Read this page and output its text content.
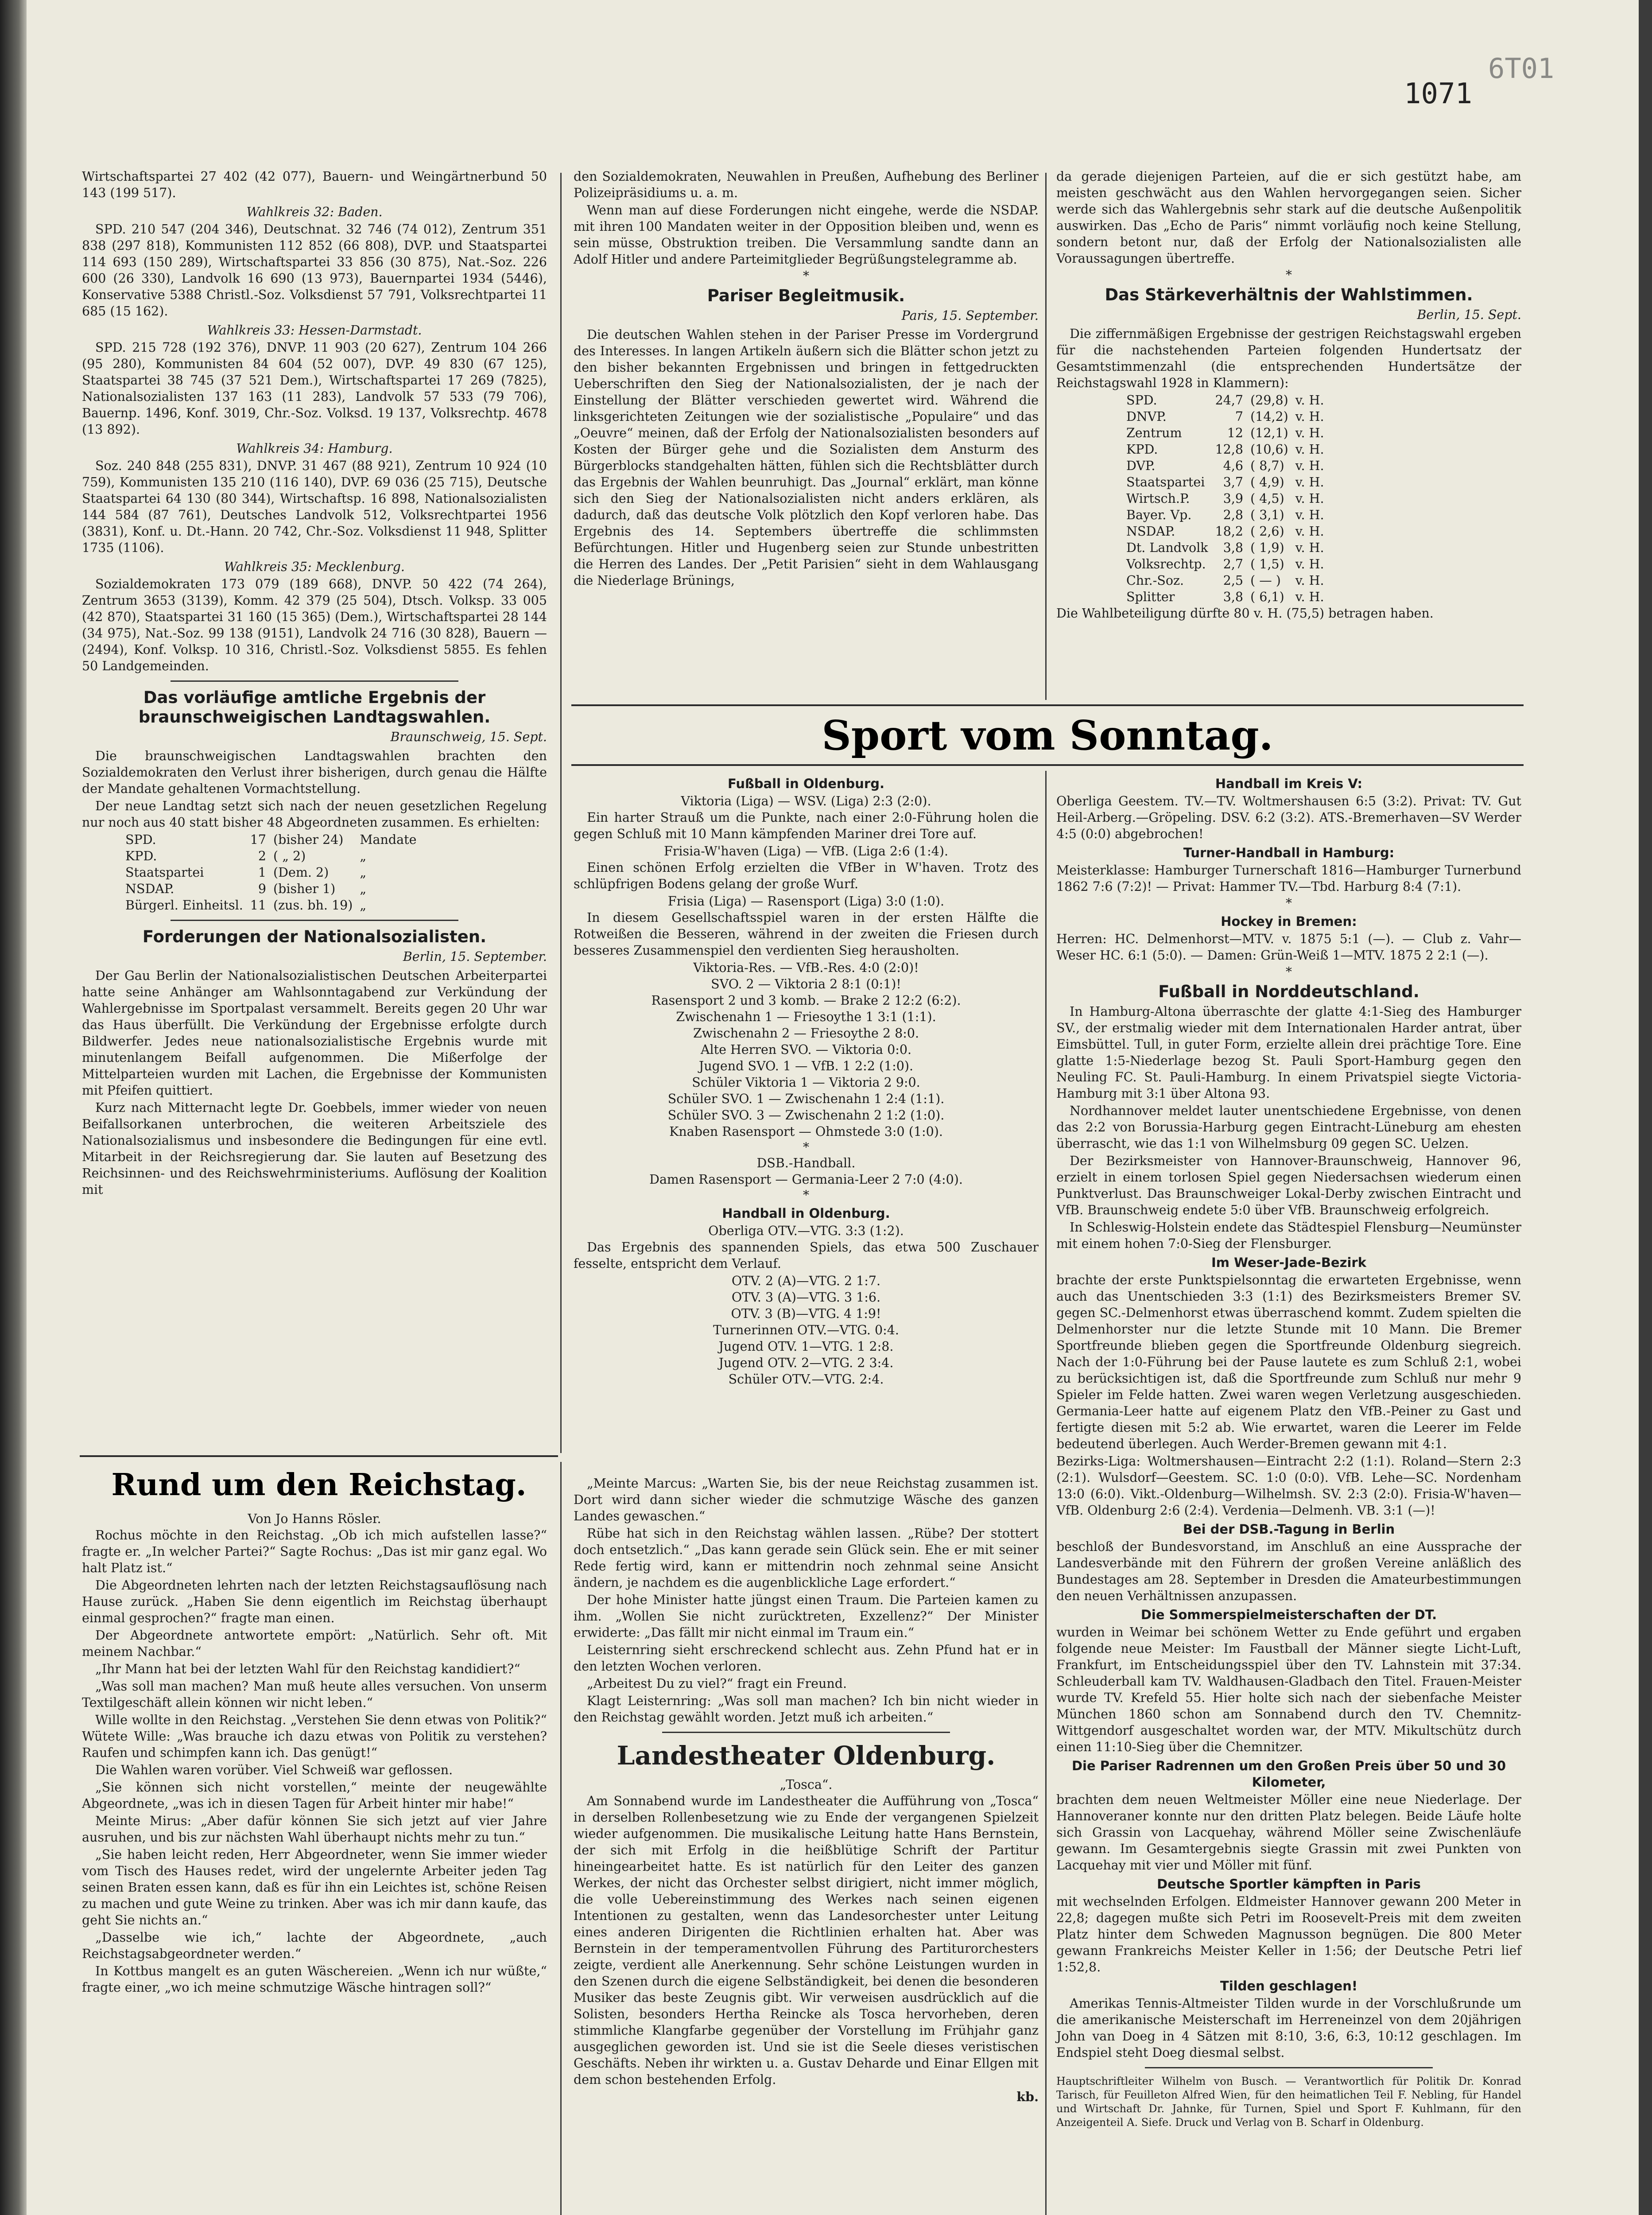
6T01
1071

Wirtschaftspartei 27 402 (42 077), Bauern- und Weingärtnerbund 50 143 (199 517).

Wahlkreis 32: Baden.

SPD. 210 547 (204 346), Deutschnat. 32 746 (74 012), Zentrum 351 838 (297 818), Kommunisten 112 852 (66 808), DVP. und Staatspartei 114 693 (150 289), Wirtschaftspartei 33 856 (30 875), Nat.-Soz. 226 600 (26 330), Landvolk 16 690 (13 973), Bauernpartei 1934 (5446), Konservative 5388 Christl.-Soz. Volksdienst 57 791, Volksrechtpartei 11 685 (15 162).

Wahlkreis 33: Hessen-Darmstadt.

SPD. 215 728 (192 376), DNVP. 11 903 (20 627), Zentrum 104 266 (95 280), Kommunisten 84 604 (52 007), DVP. 49 830 (67 125), Staatspartei 38 745 (37 521 Dem.), Wirtschaftspartei 17 269 (7825), Nationalsozialisten 137 163 (11 283), Landvolk 57 533 (79 706), Bauernp. 1496, Konf. 3019, Chr.-Soz. Volksd. 19 137, Volksrechtp. 4678 (13 892).

Wahlkreis 34: Hamburg.

Soz. 240 848 (255 831), DNVP. 31 467 (88 921), Zentrum 10 924 (10 759), Kommunisten 135 210 (116 140), DVP. 69 036 (25 715), Deutsche Staatspartei 64 130 (80 344), Wirtschaftsp. 16 898, Nationalsozialisten 144 584 (87 761), Deutsches Landvolk 512, Volksrechtpartei 1956 (3831), Konf. u. Dt.-Hann. 20 742, Chr.-Soz. Volksdienst 11 948, Splitter 1735 (1106).

Wahlkreis 35: Mecklenburg.

Sozialdemokraten 173 079 (189 668), DNVP. 50 422 (74 264), Zentrum 3653 (3139), Komm. 42 379 (25 504), Dtsch. Volksp. 33 005 (42 870), Staatspartei 31 160 (15 365) (Dem.), Wirtschaftspartei 28 144 (34 975), Nat.-Soz. 99 138 (9151), Landvolk 24 716 (30 828), Bauern — (2494), Konf. Volksp. 10 316, Christl.-Soz. Volksdienst 5855. Es fehlen 50 Landgemeinden.

Das vorläufige amtliche Ergebnis der braunschweigischen Landtagswahlen.
Braunschweig, 15. Sept.

Die braunschweigischen Landtagswahlen brachten den Sozialdemokraten den Verlust ihrer bisherigen, durch genau die Hälfte der Mandate gehaltenen Vormachtstellung.

Der neue Landtag setzt sich nach der neuen gesetzlichen Regelung nur noch aus 40 statt bisher 48 Abgeordneten zusammen. Es erhielten:

SPD.	17	(bisher 24)	Mandate
KPD.	2	( „ 2)	„
Staatspartei	1	(Dem. 2)	„
NSDAP.	9	(bisher 1)	„
Bürgerl. Einheitsl.	11	(zus. bh. 19)	„
Forderungen der Nationalsozialisten.
Berlin, 15. September.

Der Gau Berlin der Nationalsozialistischen Deutschen Arbeiterpartei hatte seine Anhänger am Wahlsonntagabend zur Verkündung der Wahlergebnisse im Sportpalast versammelt. Bereits gegen 20 Uhr war das Haus überfüllt. Die Verkündung der Ergebnisse erfolgte durch Bildwerfer. Jedes neue nationalsozialistische Ergebnis wurde mit minutenlangem Beifall aufgenommen. Die Mißerfolge der Mittelparteien wurden mit Lachen, die Ergebnisse der Kommunisten mit Pfeifen quittiert.

Kurz nach Mitternacht legte Dr. Goebbels, immer wieder von neuen Beifallsorkanen unterbrochen, die weiteren Arbeitsziele des Nationalsozialismus und insbesondere die Bedingungen für eine evtl. Mitarbeit in der Reichsregierung dar. Sie lauten auf Besetzung des Reichsinnen- und des Reichswehrministeriums. Auflösung der Koalition mit

den Sozialdemokraten, Neuwahlen in Preußen, Aufhebung des Berliner Polizeipräsidiums u. a. m.

Wenn man auf diese Forderungen nicht eingehe, werde die NSDAP. mit ihren 100 Mandaten weiter in der Opposition bleiben und, wenn es sein müsse, Obstruktion treiben. Die Versammlung sandte dann an Adolf Hitler und andere Parteimitglieder Begrüßungstelegramme ab.

*
Pariser Begleitmusik.
Paris, 15. September.

Die deutschen Wahlen stehen in der Pariser Presse im Vordergrund des Interesses. In langen Artikeln äußern sich die Blätter schon jetzt zu den bisher bekannten Ergebnissen und bringen in fettgedruckten Ueberschriften den Sieg der Nationalsozialisten, der je nach der Einstellung der Blätter verschieden gewertet wird. Während die linksgerichteten Zeitungen wie der sozialistische „Populaire“ und das „Oeuvre“ meinen, daß der Erfolg der Nationalsozialisten besonders auf Kosten der Bürger gehe und die Sozialisten dem Ansturm des Bürgerblocks standgehalten hätten, fühlen sich die Rechtsblätter durch das Ergebnis der Wahlen beunruhigt. Das „Journal“ erklärt, man könne sich den Sieg der Nationalsozialisten nicht anders erklären, als dadurch, daß das deutsche Volk plötzlich den Kopf verloren habe. Das Ergebnis des 14. Septembers übertreffe die schlimmsten Befürchtungen. Hitler und Hugenberg seien zur Stunde unbestritten die Herren des Landes. Der „Petit Parisien“ sieht in dem Wahlausgang die Niederlage Brünings,

da gerade diejenigen Parteien, auf die er sich gestützt habe, am meisten geschwächt aus den Wahlen hervorgegangen seien. Sicher werde sich das Wahlergebnis sehr stark auf die deutsche Außenpolitik auswirken. Das „Echo de Paris“ nimmt vorläufig noch keine Stellung, sondern betont nur, daß der Erfolg der Nationalsozialisten alle Voraussagungen übertreffe.

*
Das Stärkeverhältnis der Wahlstimmen.
Berlin, 15. Sept.

Die ziffernmäßigen Ergebnisse der gestrigen Reichstagswahl ergeben für die nachstehenden Parteien folgenden Hundertsatz der Gesamtstimmenzahl (die entsprechenden Hundertsätze der Reichstagswahl 1928 in Klammern):

SPD.	24,7	(29,8)	v. H.
DNVP.	7	(14,2)	v. H.
Zentrum	12	(12,1)	v. H.
KPD.	12,8	(10,6)	v. H.
DVP.	4,6	( 8,7)	v. H.
Staatspartei	3,7	( 4,9)	v. H.
Wirtsch.P.	3,9	( 4,5)	v. H.
Bayer. Vp.	2,8	( 3,1)	v. H.
NSDAP.	18,2	( 2,6)	v. H.
Dt. Landvolk	3,8	( 1,9)	v. H.
Volksrechtp.	2,7	( 1,5)	v. H.
Chr.-Soz.	2,5	( — )	v. H.
Splitter	3,8	( 6,1)	v. H.

Die Wahlbeteiligung dürfte 80 v. H. (75,5) betragen haben.

Sport vom Sonntag.
Fußball in Oldenburg.
Viktoria (Liga) — WSV. (Liga) 2:3 (2:0).

Ein harter Strauß um die Punkte, nach einer 2:0-Führung holen die gegen Schluß mit 10 Mann kämpfenden Mariner drei Tore auf.

Frisia-W'haven (Liga) — VfB. (Liga 2:6 (1:4).

Einen schönen Erfolg erzielten die VfBer in W'haven. Trotz des schlüpfrigen Bodens gelang der große Wurf.

Frisia (Liga) — Rasensport (Liga) 3:0 (1:0).

In diesem Gesellschaftsspiel waren in der ersten Hälfte die Rotweißen die Besseren, während in der zweiten die Friesen durch besseres Zusammenspiel den verdienten Sieg herausholten.

Viktoria-Res. — VfB.-Res. 4:0 (2:0)!
SVO. 2 — Viktoria 2 8:1 (0:1)!
Rasensport 2 und 3 komb. — Brake 2 12:2 (6:2).
Zwischenahn 1 — Friesoythe 1 3:1 (1:1).
Zwischenahn 2 — Friesoythe 2 8:0.
Alte Herren SVO. — Viktoria 0:0.
Jugend SVO. 1 — VfB. 1 2:2 (1:0).
Schüler Viktoria 1 — Viktoria 2 9:0.
Schüler SVO. 1 — Zwischenahn 1 2:4 (1:1).
Schüler SVO. 3 — Zwischenahn 2 1:2 (1:0).
Knaben Rasensport — Ohmstede 3:0 (1:0).
*
DSB.-Handball.
Damen Rasensport — Germania-Leer 2 7:0 (4:0).
*
Handball in Oldenburg.
Oberliga OTV.—VTG. 3:3 (1:2).

Das Ergebnis des spannenden Spiels, das etwa 500 Zuschauer fesselte, entspricht dem Verlauf.

OTV. 2 (A)—VTG. 2 1:7.
OTV. 3 (A)—VTG. 3 1:6.
OTV. 3 (B)—VTG. 4 1:9!
Turnerinnen OTV.—VTG. 0:4.
Jugend OTV. 1—VTG. 1 2:8.
Jugend OTV. 2—VTG. 2 3:4.
Schüler OTV.—VTG. 2:4.
Handball im Kreis V:

Oberliga Geestem. TV.—TV. Woltmershausen 6:5 (3:2). Privat: TV. Gut Heil-Arberg.—Gröpeling. DSV. 6:2 (3:2). ATS.-Bremerhaven—SV Werder 4:5 (0:0) abgebrochen!

Turner-Handball in Hamburg:

Meisterklasse: Hamburger Turnerschaft 1816—Hamburger Turnerbund 1862 7:6 (7:2)! — Privat: Hammer TV.—Tbd. Harburg 8:4 (7:1).

*
Hockey in Bremen:

Herren: HC. Delmenhorst—MTV. v. 1875 5:1 (—). — Club z. Vahr—Weser HC. 6:1 (5:0). — Damen: Grün-Weiß 1—MTV. 1875 2 2:1 (—).

*
Fußball in Norddeutschland.

In Hamburg-Altona überraschte der glatte 4:1-Sieg des Hamburger SV., der erstmalig wieder mit dem Internationalen Harder antrat, über Eimsbüttel. Tull, in guter Form, erzielte allein drei prächtige Tore. Eine glatte 1:5-Niederlage bezog St. Pauli Sport-Hamburg gegen den Neuling FC. St. Pauli-Hamburg. In einem Privatspiel siegte Victoria-Hamburg mit 3:1 über Altona 93.

Nordhannover meldet lauter unentschiedene Ergebnisse, von denen das 2:2 von Borussia-Harburg gegen Eintracht-Lüneburg am ehesten überrascht, wie das 1:1 von Wilhelmsburg 09 gegen SC. Uelzen.

Der Bezirksmeister von Hannover-Braunschweig, Hannover 96, erzielt in einem torlosen Spiel gegen Niedersachsen wiederum einen Punktverlust. Das Braunschweiger Lokal-Derby zwischen Eintracht und VfB. Braunschweig endete 5:0 über VfB. Braunschweig erfolgreich.

In Schleswig-Holstein endete das Städtespiel Flensburg—Neumünster mit einem hohen 7:0-Sieg der Flensburger.

Im Weser-Jade-Bezirk

brachte der erste Punktspielsonntag die erwarteten Ergebnisse, wenn auch das Unentschieden 3:3 (1:1) des Bezirksmeisters Bremer SV. gegen SC.-Delmenhorst etwas überraschend kommt. Zudem spielten die Delmenhorster nur die letzte Stunde mit 10 Mann. Die Bremer Sportfreunde blieben gegen die Sportfreunde Oldenburg siegreich. Nach der 1:0-Führung bei der Pause lautete es zum Schluß 2:1, wobei zu berücksichtigen ist, daß die Sportfreunde zum Schluß nur mehr 9 Spieler im Felde hatten. Zwei waren wegen Verletzung ausgeschieden. Germania-Leer hatte auf eigenem Platz den VfB.-Peiner zu Gast und fertigte diesen mit 5:2 ab. Wie erwartet, waren die Leerer im Felde bedeutend überlegen. Auch Werder-Bremen gewann mit 4:1.

Bezirks-Liga: Woltmershausen—Eintracht 2:2 (1:1). Roland—Stern 2:3 (2:1). Wulsdorf—Geestem. SC. 1:0 (0:0). VfB. Lehe—SC. Nordenham 13:0 (6:0). Vikt.-Oldenburg—Wilhelmsh. SV. 2:3 (2:0). Frisia-W'haven—VfB. Oldenburg 2:6 (2:4). Verdenia—Delmenh. VB. 3:1 (—)!

Bei der DSB.-Tagung in Berlin

beschloß der Bundesvorstand, im Anschluß an eine Aussprache der Landesverbände mit den Führern der großen Vereine anläßlich des Bundestages am 28. September in Dresden die Amateurbestimmungen den neuen Verhältnissen anzupassen.

Die Sommerspielmeisterschaften der DT.

wurden in Weimar bei schönem Wetter zu Ende geführt und ergaben folgende neue Meister: Im Faustball der Männer siegte Licht-Luft, Frankfurt, im Entscheidungsspiel über den TV. Lahnstein mit 37:34. Schleuderball kam TV. Waldhausen-Gladbach den Titel. Frauen-Meister wurde TV. Krefeld 55. Hier holte sich nach der siebenfache Meister München 1860 schon am Sonnabend durch den TV. Chemnitz-Wittgendorf ausgeschaltet worden war, der MTV. Mikultschütz durch einen 11:10-Sieg über die Chemnitzer.

Die Pariser Radrennen um den Großen Preis über 50 und 30 Kilometer,

brachten dem neuen Weltmeister Möller eine neue Niederlage. Der Hannoveraner konnte nur den dritten Platz belegen. Beide Läufe holte sich Grassin von Lacquehay, während Möller seine Zwischenläufe gewann. Im Gesamtergebnis siegte Grassin mit zwei Punkten von Lacquehay mit vier und Möller mit fünf.

Deutsche Sportler kämpften in Paris

mit wechselnden Erfolgen. Eldmeister Hannover gewann 200 Meter in 22,8; dagegen mußte sich Petri im Roosevelt-Preis mit dem zweiten Platz hinter dem Schweden Magnusson begnügen. Die 800 Meter gewann Frankreichs Meister Keller in 1:56; der Deutsche Petri lief 1:52,8.

Tilden geschlagen!

Amerikas Tennis-Altmeister Tilden wurde in der Vorschlußrunde um die amerikanische Meisterschaft im Herreneinzel von dem 20jährigen John van Doeg in 4 Sätzen mit 8:10, 3:6, 6:3, 10:12 geschlagen. Im Endspiel steht Doeg diesmal selbst.

Hauptschriftleiter Wilhelm von Busch. — Verantwortlich für Politik Dr. Konrad Tarisch, für Feuilleton Alfred Wien, für den heimatlichen Teil F. Nebling, für Handel und Wirtschaft Dr. Jahnke, für Turnen, Spiel und Sport F. Kuhlmann, für den Anzeigenteil A. Siefe. Druck und Verlag von B. Scharf in Oldenburg.

Rund um den Reichstag.
Von Jo Hanns Rösler.

Rochus möchte in den Reichstag. „Ob ich mich aufstellen lasse?“ fragte er. „In welcher Partei?“ Sagte Rochus: „Das ist mir ganz egal. Wo halt Platz ist.“

Die Abgeordneten lehrten nach der letzten Reichstagsauflösung nach Hause zurück. „Haben Sie denn eigentlich im Reichstag überhaupt einmal gesprochen?“ fragte man einen.

Der Abgeordnete antwortete empört: „Natürlich. Sehr oft. Mit meinem Nachbar.“

„Ihr Mann hat bei der letzten Wahl für den Reichstag kandidiert?“

„Was soll man machen? Man muß heute alles versuchen. Von unserm Textilgeschäft allein können wir nicht leben.“

Wille wollte in den Reichstag. „Verstehen Sie denn etwas von Politik?“ Wütete Wille: „Was brauche ich dazu etwas von Politik zu verstehen? Raufen und schimpfen kann ich. Das genügt!“

Die Wahlen waren vorüber. Viel Schweiß war geflossen.

„Sie können sich nicht vorstellen,“ meinte der neugewählte Abgeordnete, „was ich in diesen Tagen für Arbeit hinter mir habe!“

Meinte Mirus: „Aber dafür können Sie sich jetzt auf vier Jahre ausruhen, und bis zur nächsten Wahl überhaupt nichts mehr zu tun.“

„Sie haben leicht reden, Herr Abgeordneter, wenn Sie immer wieder vom Tisch des Hauses redet, wird der ungelernte Arbeiter jeden Tag seinen Braten essen kann, daß es für ihn ein Leichtes ist, schöne Reisen zu machen und gute Weine zu trinken. Aber was ich mir dann kaufe, das geht Sie nichts an.“

„Dasselbe wie ich,“ lachte der Abgeordnete, „auch Reichstagsabgeordneter werden.“

In Kottbus mangelt es an guten Wäschereien. „Wenn ich nur wüßte,“ fragte einer, „wo ich meine schmutzige Wäsche hintragen soll?“

„Meinte Marcus: „Warten Sie, bis der neue Reichstag zusammen ist. Dort wird dann sicher wieder die schmutzige Wäsche des ganzen Landes gewaschen.“

Rübe hat sich in den Reichstag wählen lassen. „Rübe? Der stottert doch entsetzlich.“ „Das kann gerade sein Glück sein. Ehe er mit seiner Rede fertig wird, kann er mittendrin noch zehnmal seine Ansicht ändern, je nachdem es die augenblickliche Lage erfordert.“

Der hohe Minister hatte jüngst einen Traum. Die Parteien kamen zu ihm. „Wollen Sie nicht zurücktreten, Exzellenz?“ Der Minister erwiderte: „Das fällt mir nicht einmal im Traum ein.“

Leisternring sieht erschreckend schlecht aus. Zehn Pfund hat er in den letzten Wochen verloren.

„Arbeitest Du zu viel?“ fragt ein Freund.

Klagt Leisternring: „Was soll man machen? Ich bin nicht wieder in den Reichstag gewählt worden. Jetzt muß ich arbeiten.“

Landestheater Oldenburg.
„Tosca“.

Am Sonnabend wurde im Landestheater die Aufführung von „Tosca“ in derselben Rollenbesetzung wie zu Ende der vergangenen Spielzeit wieder aufgenommen. Die musikalische Leitung hatte Hans Bernstein, der sich mit Erfolg in die heißblütige Schrift der Partitur hineingearbeitet hatte. Es ist natürlich für den Leiter des ganzen Werkes, der nicht das Orchester selbst dirigiert, nicht immer möglich, die volle Uebereinstimmung des Werkes nach seinen eigenen Intentionen zu gestalten, wenn das Landesorchester unter Leitung eines anderen Dirigenten die Richtlinien erhalten hat. Aber was Bernstein in der temperamentvollen Führung des Partiturorchesters zeigte, verdient alle Anerkennung. Sehr schöne Leistungen wurden in den Szenen durch die eigene Selbständigkeit, bei denen die besonderen Musiker das beste Zeugnis gibt. Wir verweisen ausdrücklich auf die Solisten, besonders Hertha Reincke als Tosca hervorheben, deren stimmliche Klangfarbe gegenüber der Vorstellung im Frühjahr ganz ausgeglichen geworden ist. Und sie ist die Seele dieses veristischen Geschäfts. Neben ihr wirkten u. a. Gustav Deharde und Einar Ellgen mit dem schon bestehenden Erfolg.

kb.
